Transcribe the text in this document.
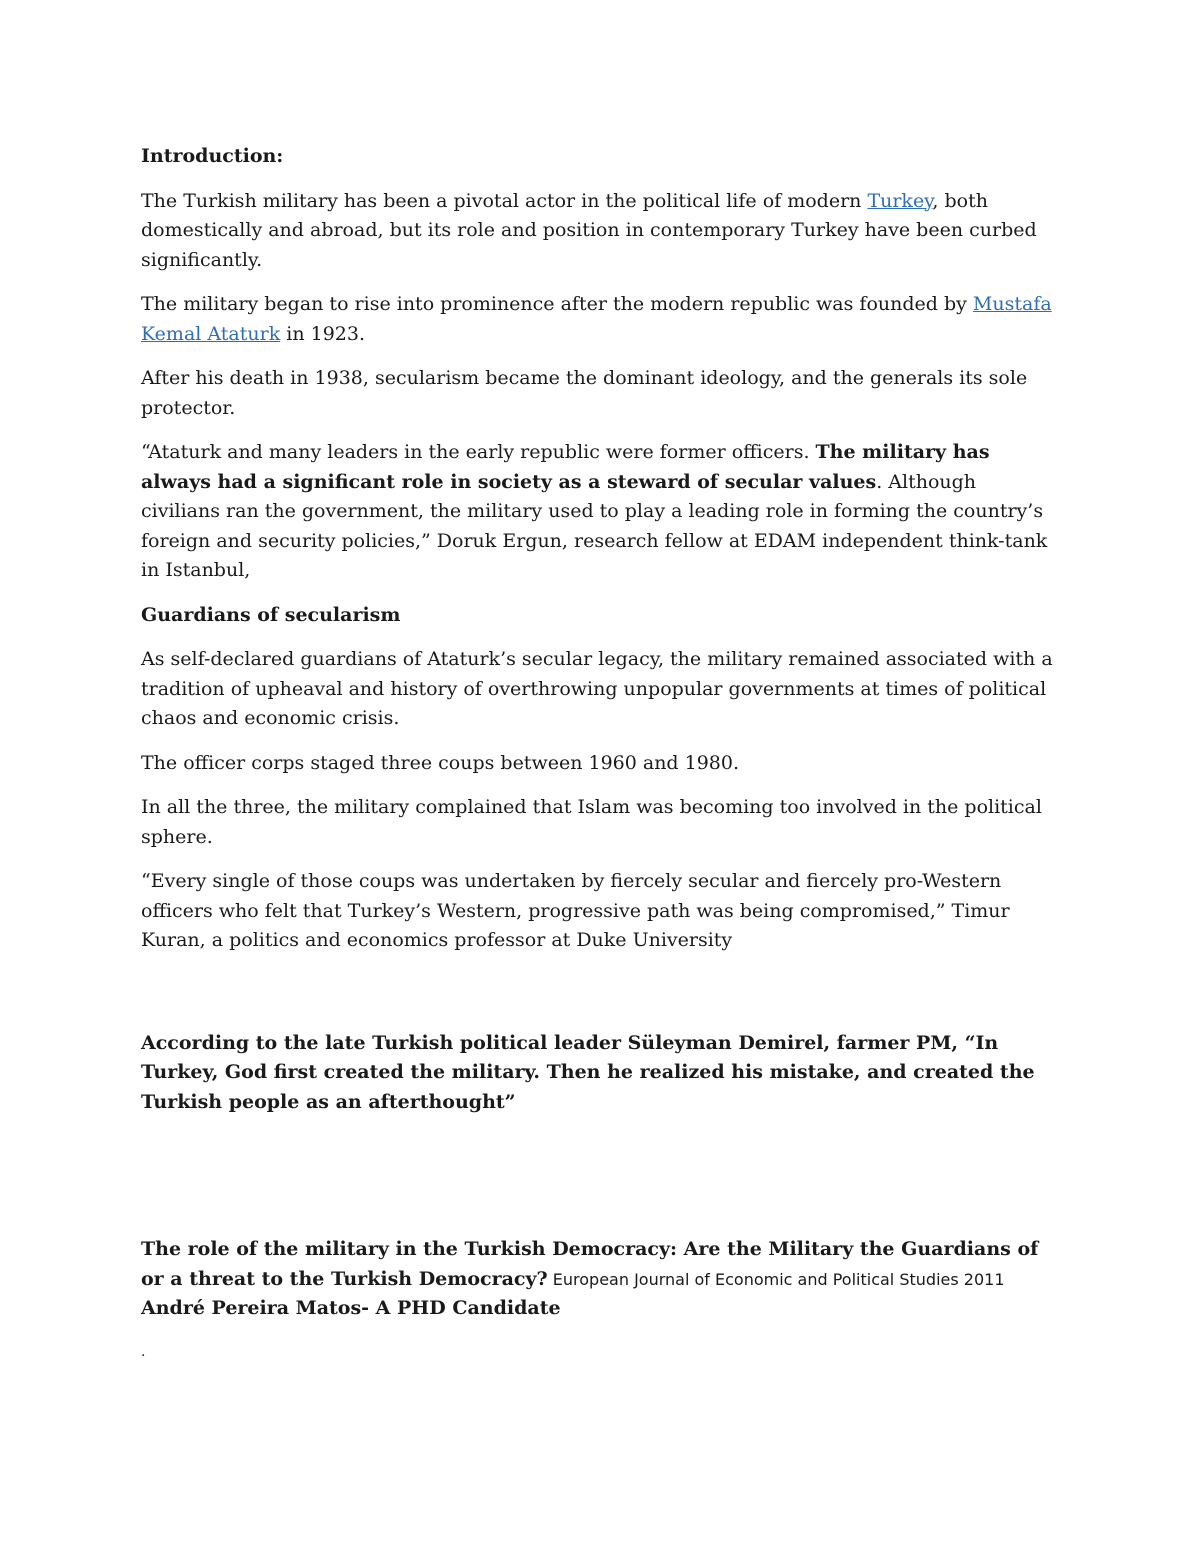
Introduction:

The Turkish military has been a pivotal actor in the political life of modern Turkey, both domestically and abroad, but its role and position in contemporary Turkey have been curbed significantly.

The military began to rise into prominence after the modern republic was founded by Mustafa Kemal Ataturk in 1923.

After his death in 1938, secularism became the dominant ideology, and the generals its sole protector.

“Ataturk and many leaders in the early republic were former officers. The military has always had a significant role in society as a steward of secular values. Although civilians ran the government, the military used to play a leading role in forming the country’s foreign and security policies,” Doruk Ergun, research fellow at EDAM independent think-tank in Istanbul,

Guardians of secularism

As self-declared guardians of Ataturk’s secular legacy, the military remained associated with a tradition of upheaval and history of overthrowing unpopular governments at times of political chaos and economic crisis.

The officer corps staged three coups between 1960 and 1980.

In all the three, the military complained that Islam was becoming too involved in the political sphere.

“Every single of those coups was undertaken by fiercely secular and fiercely pro-Western officers who felt that Turkey’s Western, progressive path was being compromised,” Timur Kuran, a politics and economics professor at Duke University

According to the late Turkish political leader Süleyman Demirel, farmer PM, “In Turkey, God first created the military. Then he realized his mistake, and created the Turkish people as an afterthought”

The role of the military in the Turkish Democracy: Are the Military the Guardians of or a threat to the Turkish Democracy? European Journal of Economic and Political Studies 2011 André Pereira Matos- A PHD Candidate

.
